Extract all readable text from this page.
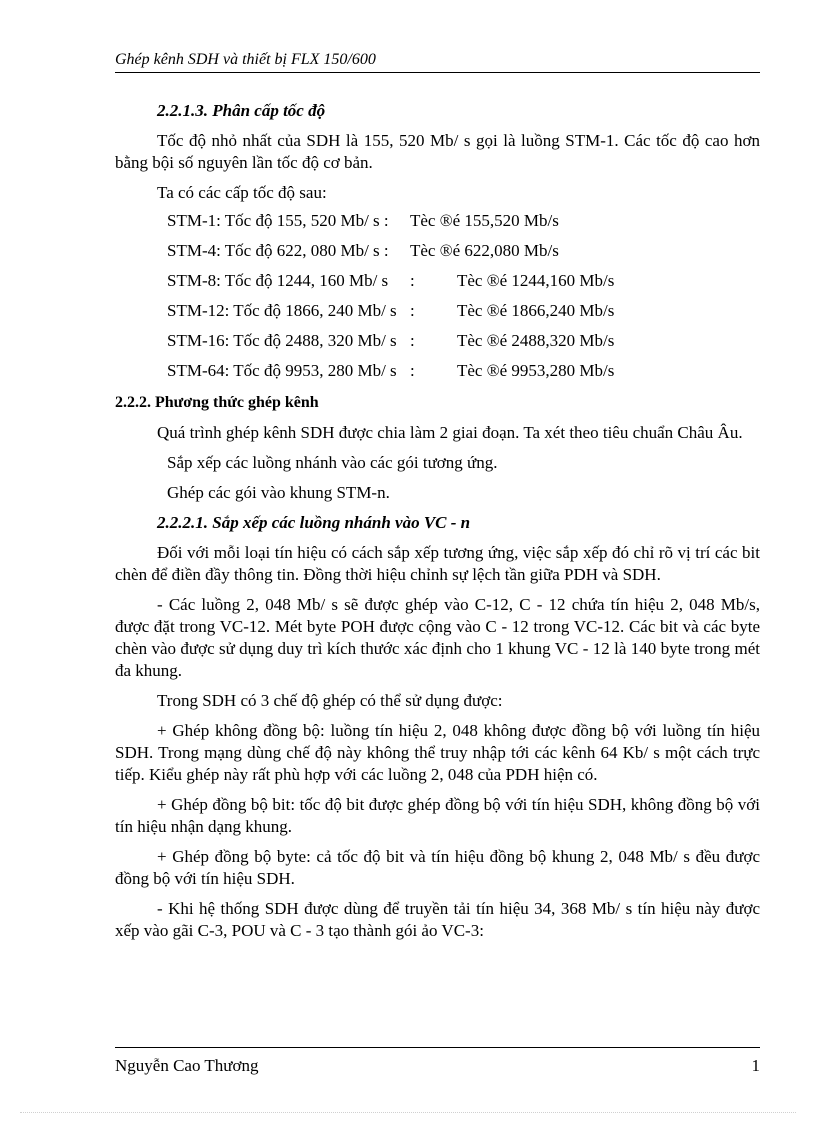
Ghép kênh SDH và thiết bị FLX 150/600
2.2.1.3. Phân cấp tốc độ

Tốc độ nhỏ nhất của SDH là 155, 520 Mb/ s gọi là luồng STM-1. Các tốc độ cao hơn bằng bội số nguyên lần tốc độ cơ bản.

Ta có các cấp tốc độ sau:

STM-1: Tốc độ 155, 520 Mb/ s :	Tèc ®é 155,520 Mb/s
STM-4: Tốc độ 622, 080 Mb/ s :	Tèc ®é 622,080 Mb/s
STM-8: Tốc độ 1244, 160 Mb/ s	:	Tèc ®é 1244,160 Mb/s
STM-12: Tốc độ 1866, 240 Mb/ s :	Tèc ®é 1866,240 Mb/s
STM-16: Tốc độ 2488, 320 Mb/ s :	Tèc ®é 2488,320 Mb/s
STM-64: Tốc độ 9953, 280 Mb/ s :	Tèc ®é 9953,280 Mb/s
2.2.2. Phương thức ghép kênh

Quá trình ghép kênh SDH được chia làm 2 giai đoạn. Ta xét theo tiêu chuẩn Châu Âu.

Sắp xếp các luồng nhánh vào các gói tương ứng.

Ghép các gói vào khung STM-n.

2.2.2.1. Sắp xếp các luồng nhánh vào VC - n

Đối với mỗi loại tín hiệu có cách sắp xếp tương ứng, việc sắp xếp đó chỉ rõ vị trí các bit chèn để điền đầy thông tin. Đồng thời hiệu chỉnh sự lệch tần giữa PDH và SDH.

- Các luồng 2, 048 Mb/ s sẽ được ghép vào C-12, C - 12 chứa tín hiệu 2, 048 Mb/s, được đặt trong VC-12. Mét byte POH được cộng vào C - 12 trong VC-12. Các bit và các byte chèn vào được sử dụng duy trì kích thước xác định cho 1 khung VC - 12 là 140 byte trong mét đa khung.

Trong SDH có 3 chế độ ghép có thể sử dụng được:

+ Ghép không đồng bộ: luồng tín hiệu 2, 048 không được đồng bộ với luồng tín hiệu SDH. Trong mạng dùng chế độ này không thể truy nhập tới các kênh 64 Kb/ s một cách trực tiếp. Kiểu ghép này rất phù hợp với các luồng 2, 048 của PDH hiện có.

+ Ghép đồng bộ bit: tốc độ bit được ghép đồng bộ với tín hiệu SDH, không đồng bộ với tín hiệu nhận dạng khung.

+ Ghép đồng bộ byte: cả tốc độ bit và tín hiệu đồng bộ khung 2, 048 Mb/ s đều được đồng bộ với tín hiệu SDH.

- Khi hệ thống SDH được dùng để truyền tải tín hiệu 34, 368 Mb/ s tín hiệu này được xếp vào gãi C-3, POU và C - 3 tạo thành gói ảo VC-3:

Nguyễn Cao Thương	1
